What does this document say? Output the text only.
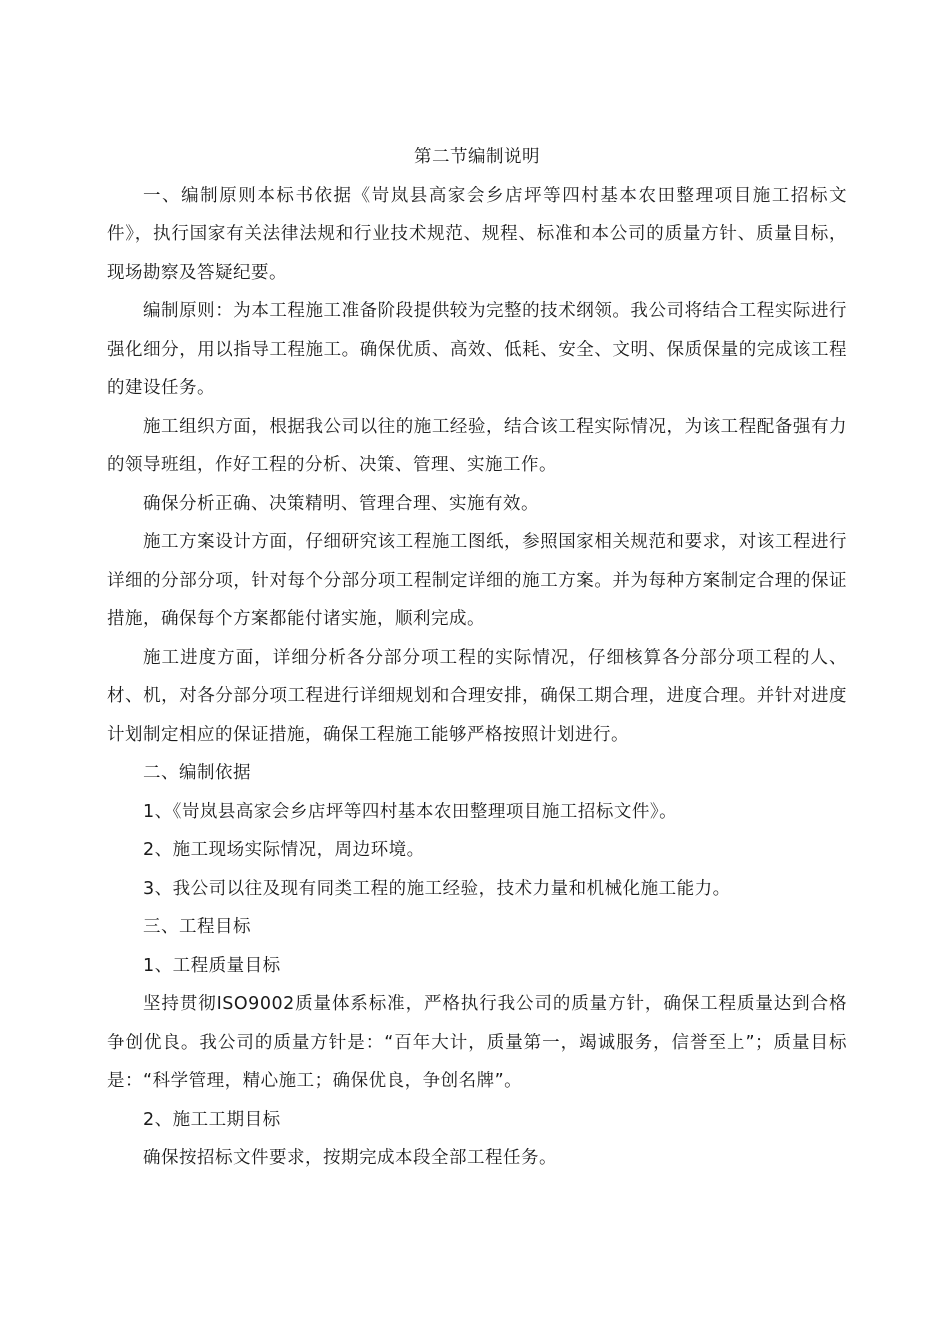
第二节编制说明

一、编制原则本标书依据《岢岚县高家会乡店坪等四村基本农田整理项目施工招标文件》，执行国家有关法律法规和行业技术规范、规程、标准和本公司的质量方针、质量目标，现场勘察及答疑纪要。

编制原则：为本工程施工准备阶段提供较为完整的技术纲领。我公司将结合工程实际进行强化细分，用以指导工程施工。确保优质、高效、低耗、安全、文明、保质保量的完成该工程的建设任务。

施工组织方面，根据我公司以往的施工经验，结合该工程实际情况，为该工程配备强有力的领导班组，作好工程的分析、决策、管理、实施工作。

确保分析正确、决策精明、管理合理、实施有效。

施工方案设计方面，仔细研究该工程施工图纸，参照国家相关规范和要求，对该工程进行详细的分部分项，针对每个分部分项工程制定详细的施工方案。并为每种方案制定合理的保证措施，确保每个方案都能付诸实施，顺利完成。

施工进度方面，详细分析各分部分项工程的实际情况，仔细核算各分部分项工程的人、材、机，对各分部分项工程进行详细规划和合理安排，确保工期合理，进度合理。并针对进度计划制定相应的保证措施，确保工程施工能够严格按照计划进行。

二、编制依据

1、《岢岚县高家会乡店坪等四村基本农田整理项目施工招标文件》。

2、施工现场实际情况，周边环境。

3、我公司以往及现有同类工程的施工经验，技术力量和机械化施工能力。

三、工程目标

1、工程质量目标

坚持贯彻ISO9002质量体系标准，严格执行我公司的质量方针，确保工程质量达到合格争创优良。我公司的质量方针是：“百年大计，质量第一，竭诚服务，信誉至上”；质量目标是：“科学管理，精心施工；确保优良，争创名牌”。

2、施工工期目标

确保按招标文件要求，按期完成本段全部工程任务。
